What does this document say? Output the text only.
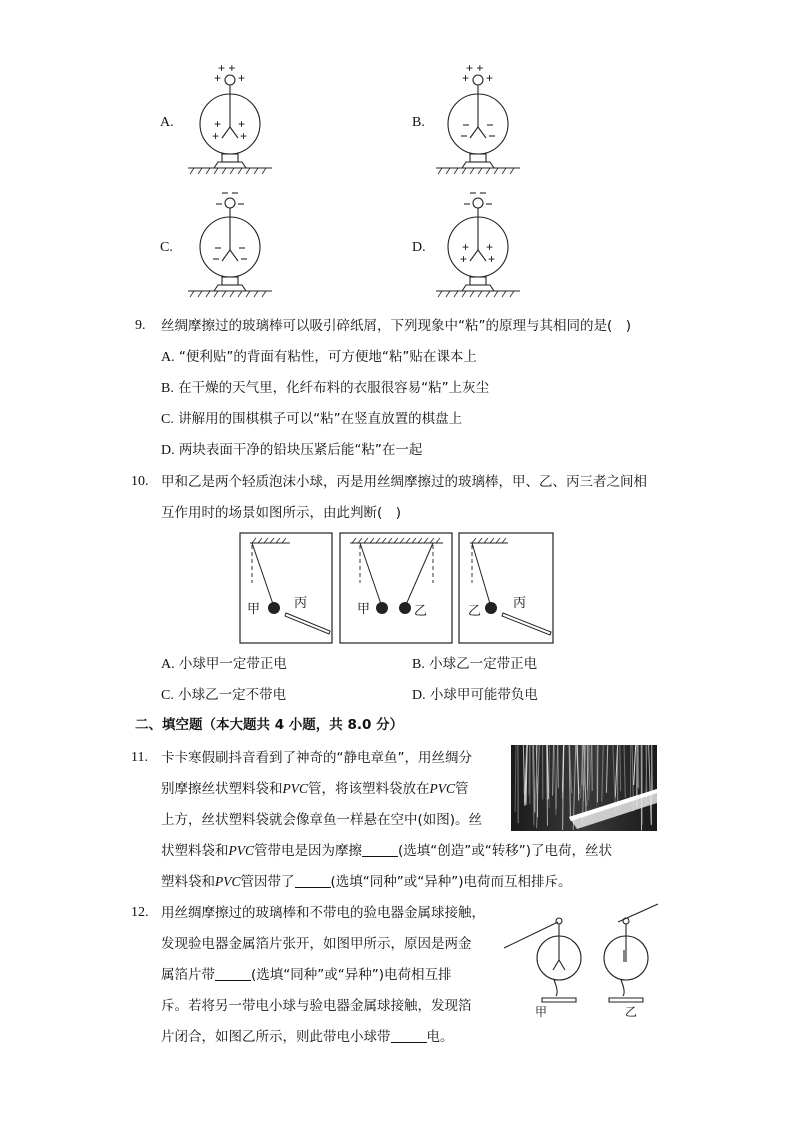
A.
+ +
+ +
+ +
+ +
B.
+ +
+ +
C.	D.	+ +
+ +
9. 丝绸摩擦过的玻璃棒可以吸引碎纸屑，下列现象中“粘”的原理与其相同的是(　)
A. “便利贴”的背面有粘性，可方便地“粘”贴在课本上
B. 在干燥的天气里，化纤布料的衣服很容易“粘”上灰尘
C. 讲解用的围棋棋子可以“粘”在竖直放置的棋盘上
D. 两块表面干净的铅块压紧后能“粘”在一起
10. 甲和乙是两个轻质泡沫小球，丙是用丝绸摩擦过的玻璃棒，甲、乙、丙三者之间相
互作用时的场景如图所示，由此判断(　)
甲	丙	甲	乙	乙
丙
A. 小球甲一定带正电	B. 小球乙一定带正电
C. 小球乙一定不带电	D. 小球甲可能带负电
二、填空题（本大题共 4 小题，共 8.0 分）
11. 卡卡寒假刷抖音看到了神奇的“静电章鱼”，用丝绸分
别摩擦丝状塑料袋和PVC管，将该塑料袋放在PVC管
上方，丝状塑料袋就会像章鱼一样悬在空中(如图)。丝
状塑料袋和PVC管带电是因为摩擦	(选填“创造”或“转移”)了电荷，丝状
塑料袋和PVC管因带了	(选填“同种”或“异种”)电荷而互相排斥。
12. 用丝绸摩擦过的玻璃棒和不带电的验电器金属球接触，
发现验电器金属箔片张开，如图甲所示，原因是两金
属箔片带	(选填“同种”或“异种”)电荷相互排
斥。若将另一带电小球与验电器金属球接触，发现箔
片闭合，如图乙所示，则此带电小球带	电。
甲	乙
